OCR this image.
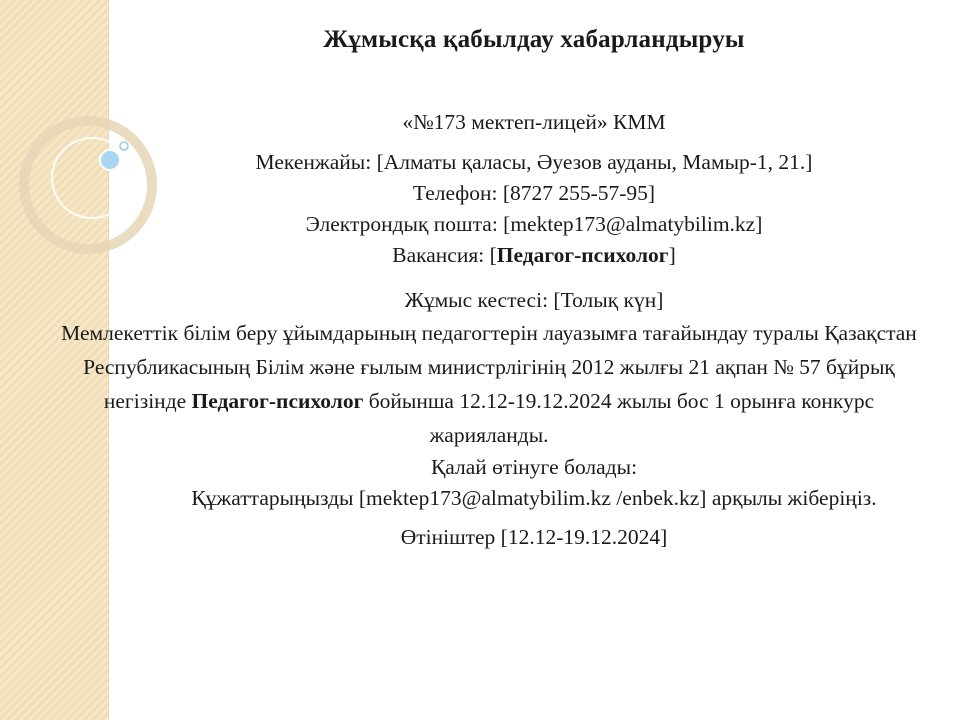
Жұмысқа қабылдау хабарландыруы
«№173 мектеп-лицей» КММ
Мекенжайы: [Алматы қаласы, Әуезов ауданы, Мамыр-1, 21.]
Телефон: [8727 255-57-95]
Электрондық пошта: [mektep173@almatybilim.kz]
Вакансия: [Педагог-психолог]
Жұмыс кестесі: [Толық күн]
Мемлекеттік білім беру ұйымдарының педагогтерін лауазымға тағайындау туралы Қазақстан Республикасының Білім және ғылым министрлігінің 2012 жылғы 21 ақпан № 57 бұйрық негізінде Педагог-психолог бойынша 12.12-19.12.2024 жылы бос 1 орынға конкурс жарияланды.
Қалай өтінуге болады:
Құжаттарыңызды [mektep173@almatybilim.kz /enbek.kz] арқылы жіберіңіз.
Өтініштер [12.12-19.12.2024]
